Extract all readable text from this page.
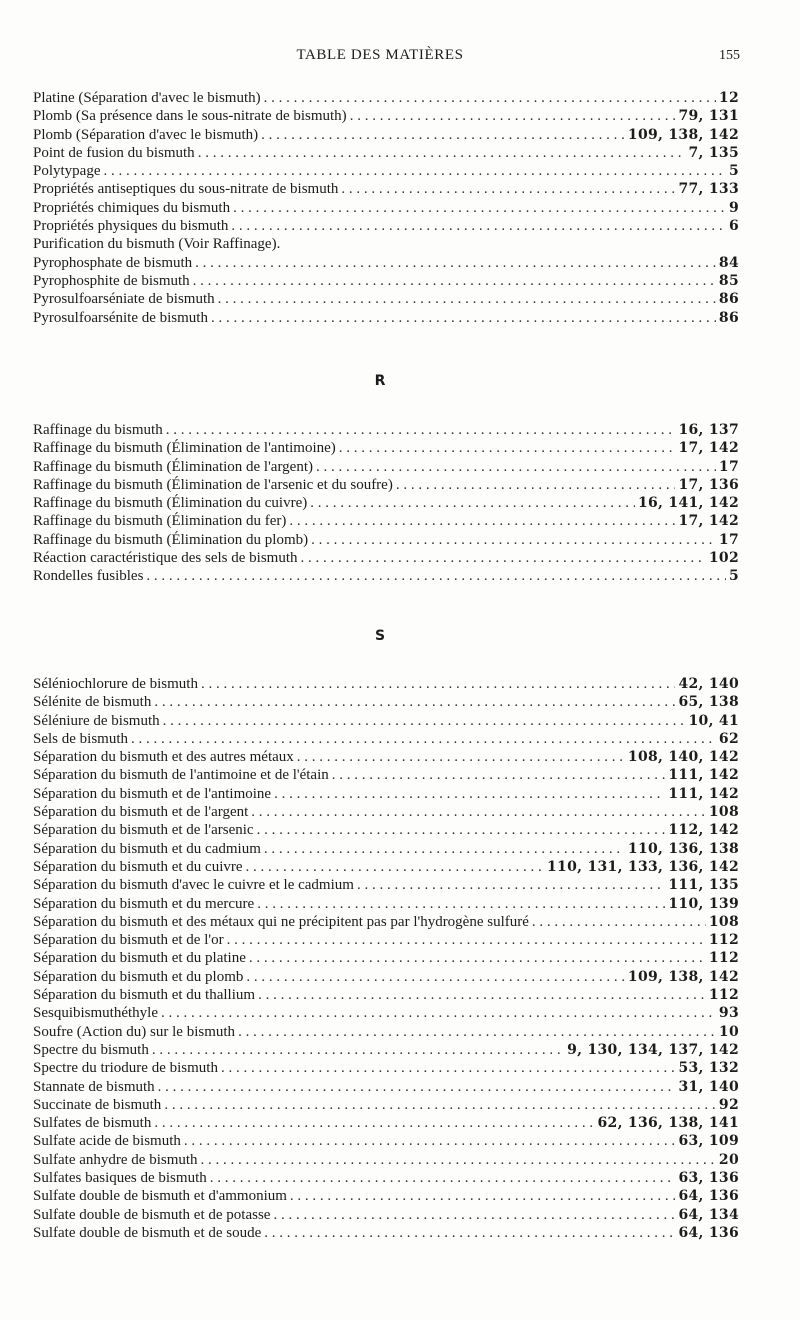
TABLE DES MATIÈRES	155
Platine (Séparation d'avec le bismuth) . . .	12
Plomb (Sa présence dans le sous-nitrate de bismuth) . . .	79, 131
Plomb (Séparation d'avec le bismuth) . . .	109, 138, 142
Point de fusion du bismuth . . .	7, 135
Polytypage . . .	5
Propriétés antiseptiques du sous-nitrate de bismuth . . .	77, 133
Propriétés chimiques du bismuth . . .	9
Propriétés physiques du bismuth . . .	6
Purification du bismuth (Voir Raffinage).
Pyrophosphate de bismuth . . .	84
Pyrophosphite de bismuth . . .	85
Pyrosulfoarséniate de bismuth . . .	86
Pyrosulfoarsénite de bismuth . . .	86
R
Raffinage du bismuth . . .	16, 137
Raffinage du bismuth (Élimination de l'antimoine) . . .	17, 142
Raffinage du bismuth (Élimination de l'argent) . . .	17
Raffinage du bismuth (Élimination de l'arsenic et du soufre) . . .	17, 136
Raffinage du bismuth (Élimination du cuivre) . . .	16, 141, 142
Raffinage du bismuth (Élimination du fer) . . .	17, 142
Raffinage du bismuth (Élimination du plomb) . . .	17
Réaction caractéristique des sels de bismuth . . .	102
Rondelles fusibles . . .	5
S
Séléniochlorure de bismuth . . .	42, 140
Sélénite de bismuth . . .	65, 138
Séléniure de bismuth . . .	10, 41
Sels de bismuth . . .	62
Séparation du bismuth et des autres métaux . . .	108, 140, 142
Séparation du bismuth de l'antimoine et de l'étain . . .	111, 142
Séparation du bismuth et de l'antimoine . . .	111, 142
Séparation du bismuth et de l'argent . . .	108
Séparation du bismuth et de l'arsenic . . .	112, 142
Séparation du bismuth et du cadmium . . .	110, 136, 138
Séparation du bismuth et du cuivre . . .	110, 131, 133, 136, 142
Séparation du bismuth d'avec le cuivre et le cadmium . . .	111, 135
Séparation du bismuth et du mercure . . .	110, 139
Séparation du bismuth et des métaux qui ne précipitent pas par l'hydrogène sulfuré . . .	108
Séparation du bismuth et de l'or . . .	112
Séparation du bismuth et du platine . . .	112
Séparation du bismuth et du plomb . . .	109, 138, 142
Séparation du bismuth et du thallium . . .	112
Sesquibismuthéthyle . . .	93
Soufre (Action du) sur le bismuth . . .	10
Spectre du bismuth . . .	9, 130, 134, 137, 142
Spectre du triodure de bismuth . . .	53, 132
Stannate de bismuth . . .	31, 140
Succinate de bismuth . . .	92
Sulfates de bismuth . . .	62, 136, 138, 141
Sulfate acide de bismuth . . .	63, 109
Sulfate anhydre de bismuth . . .	20
Sulfates basiques de bismuth . . .	63, 136
Sulfate double de bismuth et d'ammonium . . .	64, 136
Sulfate double de bismuth et de potasse . . .	64, 134
Sulfate double de bismuth et de soude . . .	64, 136
